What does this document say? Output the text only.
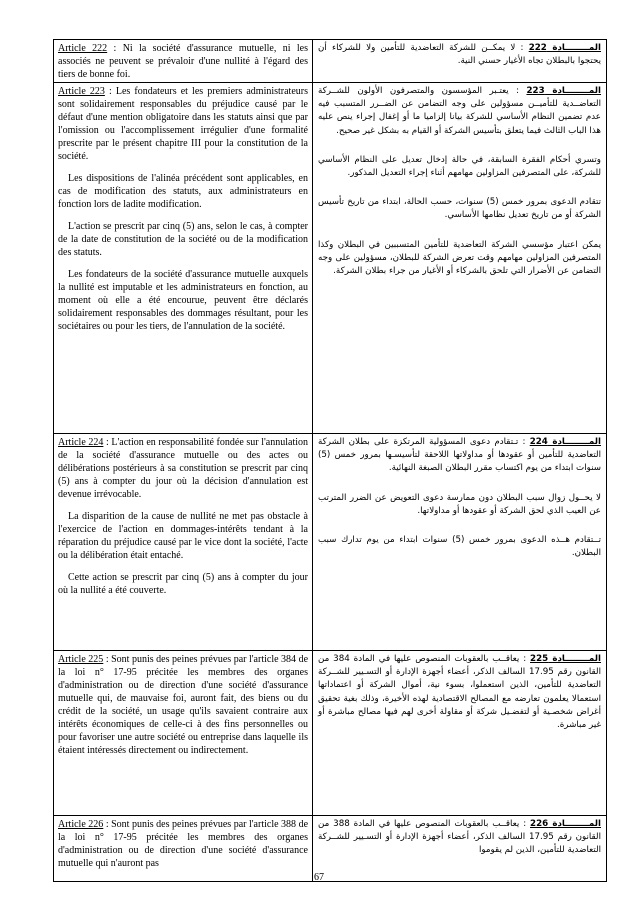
Article 222 : Ni la société d'assurance mutuelle, ni les associés ne peuvent se prévaloir d'une nullité à l'égard des tiers de bonne foi.

المــــــــادة 222 : لا يمكــن للشركة التعاضدية للتأمين ولا للشركاء أن يحتجوا بالبطلان تجاه الأغيار حسني النية.

Article 223 : Les fondateurs et les premiers administrateurs sont solidairement responsables du préjudice causé par le défaut d'une mention obligatoire dans les statuts ainsi que par l'omission ou l'accomplissement irrégulier d'une formalité prescrite par le présent chapitre III pour la constitution de la société.

Les dispositions de l'alinéa précédent sont applicables, en cas de modification des statuts, aux administrateurs en fonction lors de ladite modification.

L'action se prescrit par cinq (5) ans, selon le cas, à compter de la date de constitution de la société ou de la modification des statuts.

Les fondateurs de la société d'assurance mutuelle auxquels la nullité est imputable et les administrateurs en fonction, au moment où elle a été encourue, peuvent être déclarés solidairement responsables des dommages résultant, pour les sociétaires ou pour les tiers, de l'annulation de la société.

المــــــــادة 223 : يعتـبر المؤسسون والمتصرفون الأولون للشــركة التعاضــدية للتأميــن مسؤولين على وجه التضامن عن الضــرر المتسبب فيه عدم تضمين النظام الأساسي للشركة بيانا إلزاميا ما أو إغفال إجراء ينص عليه هذا الباب الثالث فيما يتعلق بتأسيس الشركة أو القيام به بشكل غير صحيح.

وتسري أحكام الفقرة السابقة، في حالة إدخال تعديل على النظام الأساسي للشركة، على المتصرفين المزاولين مهامهم أثناء إجراء التعديل المذكور.

تتقادم الدعوى بمرور خمس (5) سنوات، حسب الحالة، ابتداء من تاريخ تأسيس الشركة أو من تاريخ تعديل نظامها الأساسي.

يمكن اعتبار مؤسسي الشركة التعاضدية للتأمين المتسببين في البطلان وكذا المتصرفين المزاولين مهامهم وقت تعرض الشركة للبطلان، مسؤولين على وجه التضامن عن الأضرار التي تلحق بالشركاء أو الأغيار من جراء بطلان الشركة.

Article 224 : L'action en responsabilité fondée sur l'annulation de la société d'assurance mutuelle ou des actes ou délibérations postérieurs à sa constitution se prescrit par cinq (5) ans à compter du jour où la décision d'annulation est devenue irrévocable.

La disparition de la cause de nullité ne met pas obstacle à l'exercice de l'action en dommages-intérêts tendant à la réparation du préjudice causé par le vice dont la société, l'acte ou la délibération était entaché.

Cette action se prescrit par cinq (5) ans à compter du jour où la nullité a été couverte.

المــــــــادة 224 : تـتقادم دعوى المسؤولية المرتكزة على بطلان الشركة التعاضدية للتأمين أو عقودها أو مداولاتها اللاحقة لتأسيسـها بمرور خمس (5) سنوات ابتداء من يوم اكتساب مقرر البطلان الصبغة النهائية.

لا يحــول زوال سبب البطلان دون ممارسة دعوى التعويض عن الضرر المترتب عن العيب الذي لحق الشركة أو عقودها أو مداولاتها.

تــتقادم هــذه الدعوى بمرور خمس (5) سنوات ابتداء من يوم تدارك سبب البطلان.

Article 225 : Sont punis des peines prévues par l'article 384 de la loi n° 17-95 précitée les membres des organes d'administration ou de direction d'une société d'assurance mutuelle qui, de mauvaise foi, auront fait, des biens ou du crédit de la société, un usage qu'ils savaient contraire aux intérêts économiques de celle-ci à des fins personnelles ou pour favoriser une autre société ou entreprise dans laquelle ils étaient intéressés directement ou indirectement.

المــــــــادة 225 : يعاقــب بالعقوبات المنصوص عليها في المادة 384 من القانون رقم 17.95 السالف الذكر، أعضاء أجهزة الإدارة أو التسـيير للشــركة التعاضدية للتأمين، الذين استعملوا، بسوء نية، أموال الشركة أو اعتماداتها استعمالا يعلمون تعارضه مع المصالح الاقتصادية لهذه الأخيرة، وذلك بغية تحقيق أغراض شخصـية أو لتفضـيل شركة أو مقاولة أخرى لهم فيها مصالح مباشرة أو غير مباشرة.

Article 226 : Sont punis des peines prévues par l'article 388 de la loi n° 17-95 précitée les membres des organes d'administration ou de direction d'une société d'assurance mutuelle qui n'auront pas

المــــــــادة 226 : يعاقــب بالعقوبات المنصوص عليها في المادة 388 من القانون رقم 17.95 السالف الذكر، أعضاء أجهزة الإدارة أو التسـيير للشــركة التعاضدية للتأمين، الذين لم يقوموا

67
